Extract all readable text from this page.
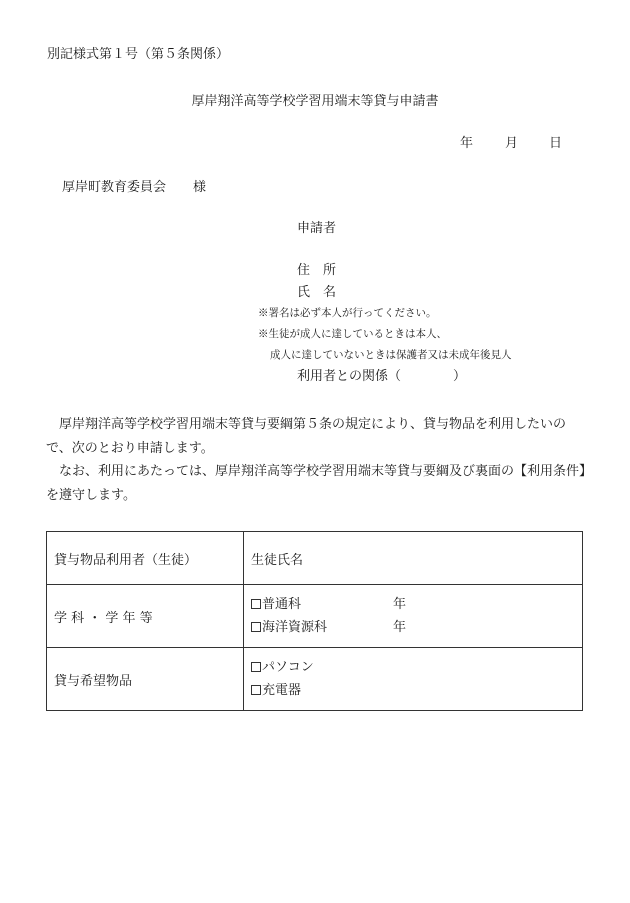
別記様式第１号（第５条関係）
厚岸翔洋高等学校学習用端末等貸与申請書
年 月 日
厚岸町教育委員会 様
申請者
住　所
氏　名
※署名は必ず本人が行ってください。
※生徒が成人に達しているときは本人、
成人に達していないときは保護者又は未成年後見人
利用者との関係（	）

厚岸翔洋高等学校学習用端末等貸与要綱第５条の規定により、貸与物品を利用したいので、次のとおり申請します。

なお、利用にあたっては、厚岸翔洋高等学校学習用端末等貸与要綱及び裏面の【利用条件】を遵守します。

貸与物品利用者（生徒）	生徒氏名
学 科 ・ 学 年 等	普通科 年
海洋資源科 年

貸与希望物品	パソコン
充電器
